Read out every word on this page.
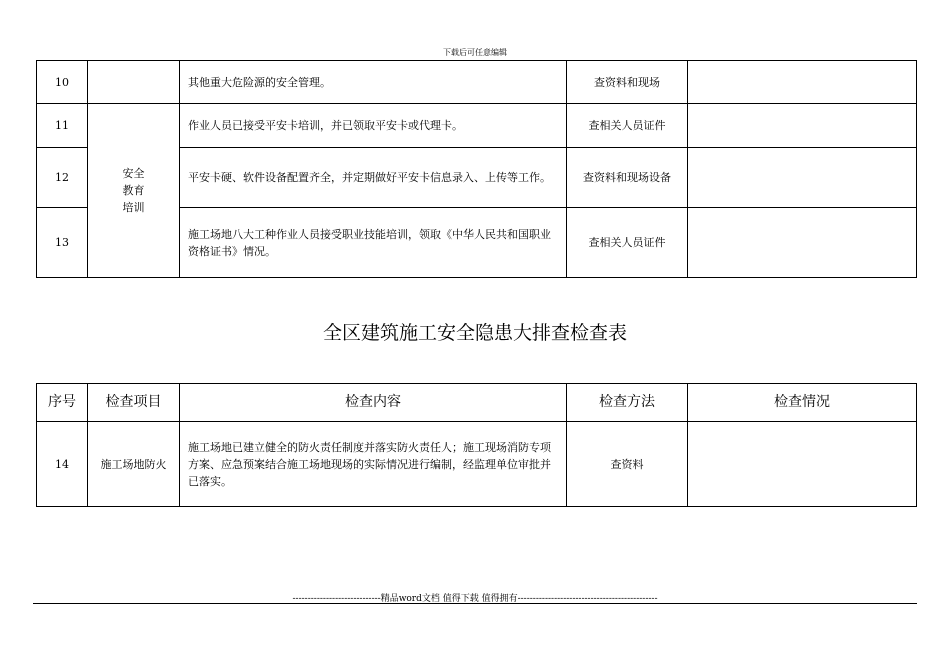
下载后可任意编辑
10		其他重大危险源的安全管理。	查资料和现场	
11	安全
教育
培训	作业人员已接受平安卡培训，并已领取平安卡或代理卡。	查相关人员证件	
12		平安卡硬、软件设备配置齐全，并定期做好平安卡信息录入、上传等工作。	查资料和现场设备	
13		施工场地八大工种作业人员接受职业技能培训，领取《中华人民共和国职业资格证书》情况。	查相关人员证件	
全区建筑施工安全隐患大排查检查表
序号	检查项目	检查内容	检查方法	检查情况
14	施工场地防火	施工场地已建立健全的防火责任制度并落实防火责任人；施工现场消防专项方案、应急预案结合施工场地现场的实际情况进行编制，经监理单位审批并已落实。	查资料	
-----------------------------精品word文档 值得下载 值得拥有----------------------------------------------
